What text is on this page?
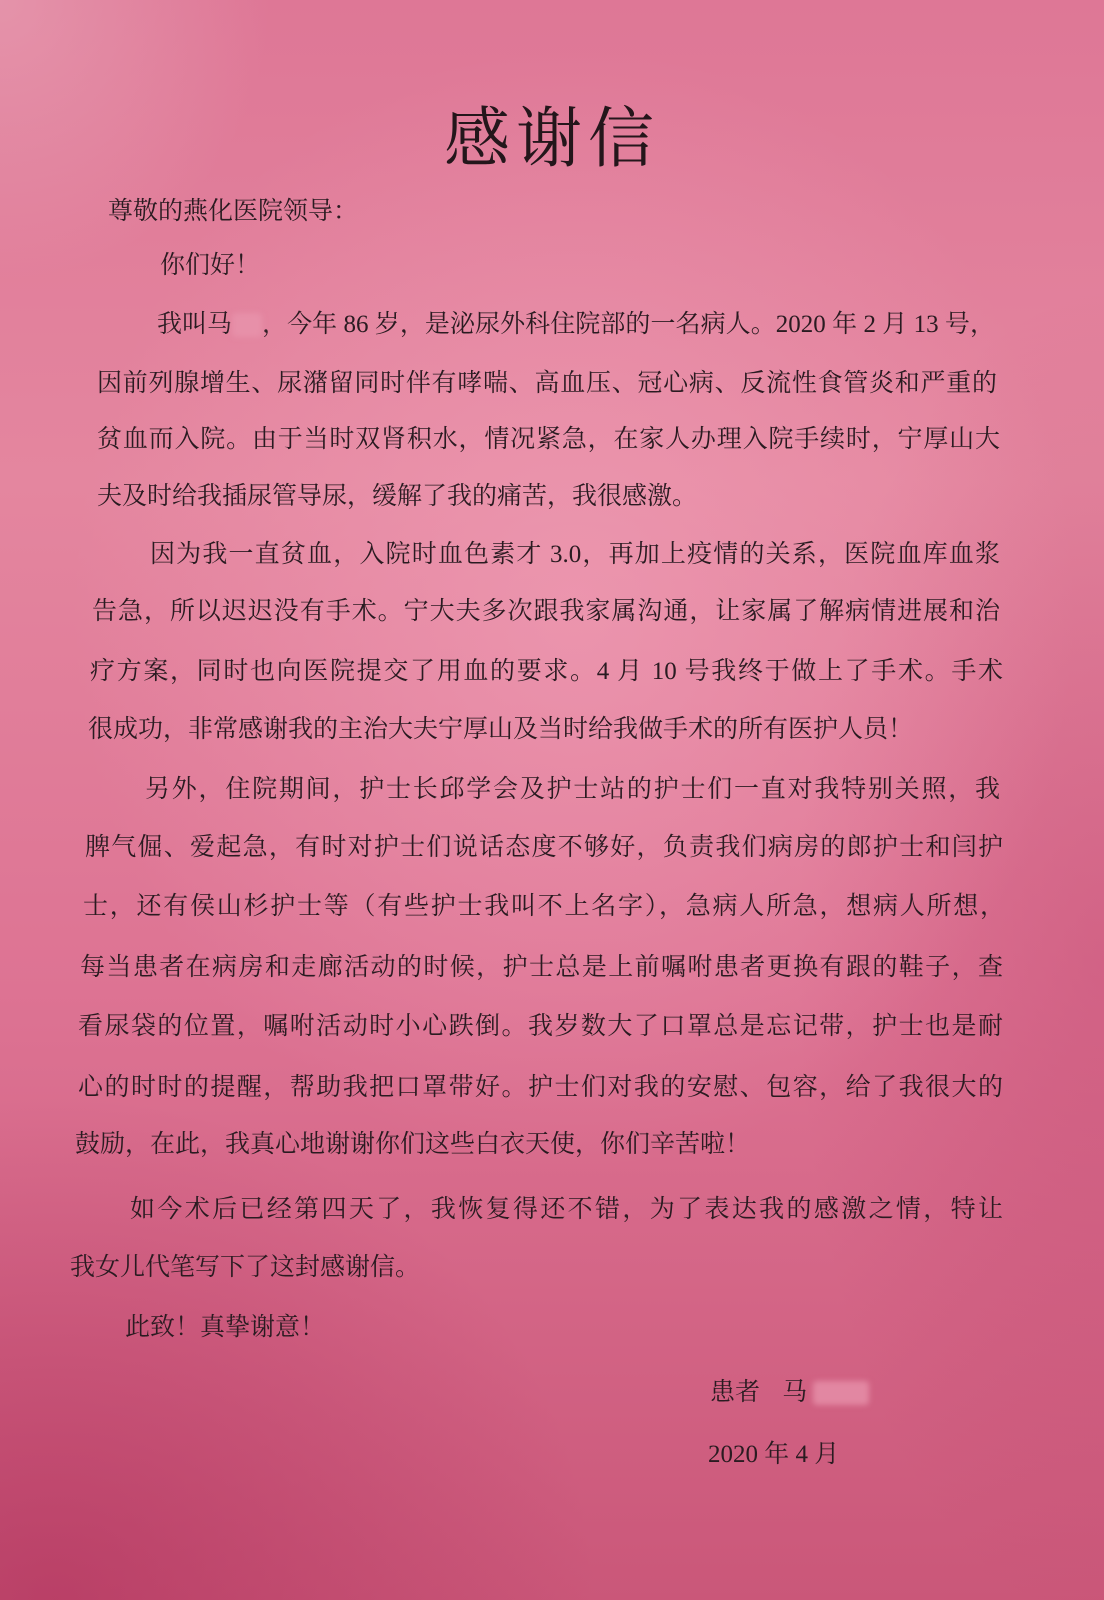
感谢信
尊敬的燕化医院领导：
你们好！
我叫马 ，今年 86 岁，是泌尿外科住院部的一名病人。2020 年 2 月 13 号，
因前列腺增生、尿潴留同时伴有哮喘、高血压、冠心病、反流性食管炎和严重的
贫血而入院。由于当时双肾积水，情况紧急，在家人办理入院手续时，宁厚山大
夫及时给我插尿管导尿，缓解了我的痛苦，我很感激。
因为我一直贫血，入院时血色素才 3.0，再加上疫情的关系，医院血库血浆
告急，所以迟迟没有手术。宁大夫多次跟我家属沟通，让家属了解病情进展和治
疗方案，同时也向医院提交了用血的要求。4 月 10 号我终于做上了手术。手术
很成功，非常感谢我的主治大夫宁厚山及当时给我做手术的所有医护人员！
另外，住院期间，护士长邱学会及护士站的护士们一直对我特别关照，我
脾气倔、爱起急，有时对护士们说话态度不够好，负责我们病房的郎护士和闫护
士，还有侯山杉护士等（有些护士我叫不上名字），急病人所急，想病人所想，
每当患者在病房和走廊活动的时候，护士总是上前嘱咐患者更换有跟的鞋子，查
看尿袋的位置，嘱咐活动时小心跌倒。我岁数大了口罩总是忘记带，护士也是耐
心的时时的提醒，帮助我把口罩带好。护士们对我的安慰、包容，给了我很大的
鼓励，在此，我真心地谢谢你们这些白衣天使，你们辛苦啦！
如今术后已经第四天了，我恢复得还不错，为了表达我的感激之情，特让
我女儿代笔写下了这封感谢信。
此致！真挚谢意！
患者 马
2020 年 4 月
